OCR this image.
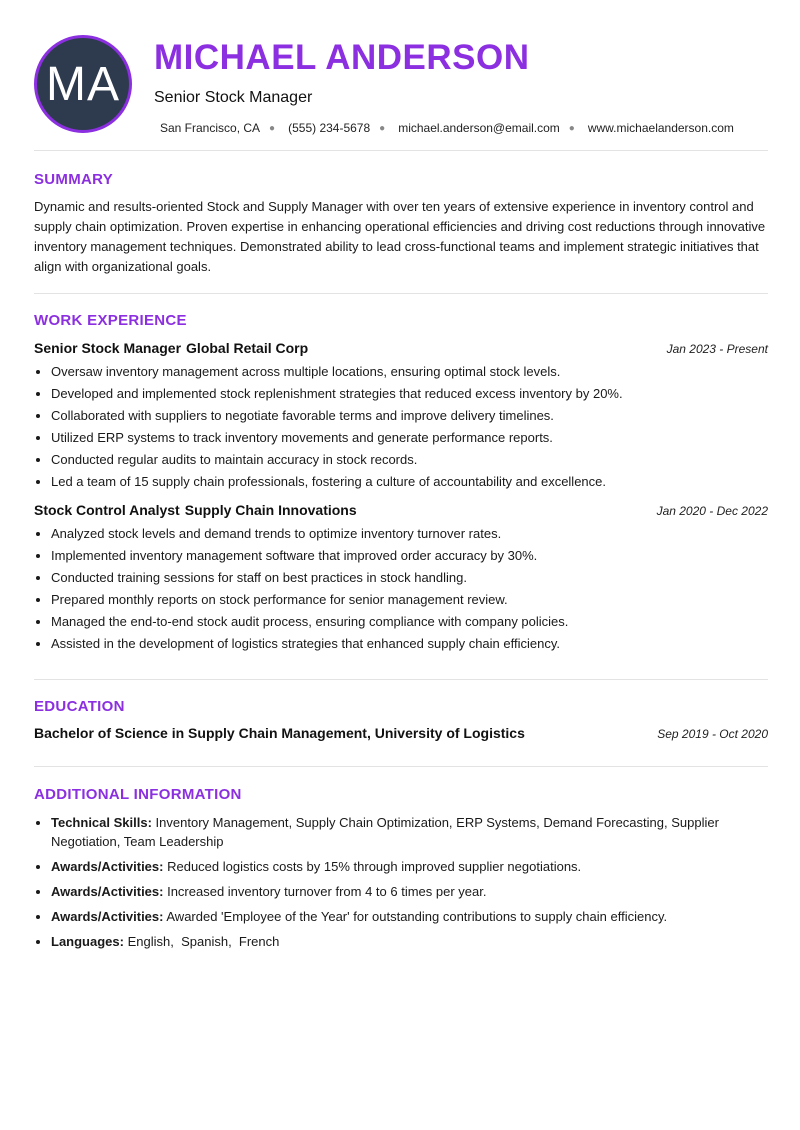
MA MICHAEL ANDERSON
Senior Stock Manager
San Francisco, CA ● (555) 234-5678 ● michael.anderson@email.com ● www.michaelanderson.com
SUMMARY

Dynamic and results-oriented Stock and Supply Manager with over ten years of extensive experience in inventory control and supply chain optimization. Proven expertise in enhancing operational efficiencies and driving cost reductions through innovative inventory management techniques. Demonstrated ability to lead cross-functional teams and implement strategic initiatives that align with organizational goals.

WORK EXPERIENCE
Senior Stock Manager Global Retail Corp	Jan 2023 - Present
• Oversaw inventory management across multiple locations, ensuring optimal stock levels.
• Developed and implemented stock replenishment strategies that reduced excess inventory by 20%.
• Collaborated with suppliers to negotiate favorable terms and improve delivery timelines.
• Utilized ERP systems to track inventory movements and generate performance reports.
• Conducted regular audits to maintain accuracy in stock records.
• Led a team of 15 supply chain professionals, fostering a culture of accountability and excellence.
Stock Control Analyst Supply Chain Innovations	Jan 2020 - Dec 2022
• Analyzed stock levels and demand trends to optimize inventory turnover rates.
• Implemented inventory management software that improved order accuracy by 30%.
• Conducted training sessions for staff on best practices in stock handling.
• Prepared monthly reports on stock performance for senior management review.
• Managed the end-to-end stock audit process, ensuring compliance with company policies.
• Assisted in the development of logistics strategies that enhanced supply chain efficiency.
EDUCATION
Bachelor of Science in Supply Chain Management, University of Logistics	Sep 2019 - Oct 2020
ADDITIONAL INFORMATION
• Technical Skills: Inventory Management, Supply Chain Optimization, ERP Systems, Demand Forecasting, Supplier Negotiation, Team Leadership
• Awards/Activities: Reduced logistics costs by 15% through improved supplier negotiations.
• Awards/Activities: Increased inventory turnover from 4 to 6 times per year.
• Awards/Activities: Awarded 'Employee of the Year' for outstanding contributions to supply chain efficiency.
• Languages: English ,  Spanish ,  French
